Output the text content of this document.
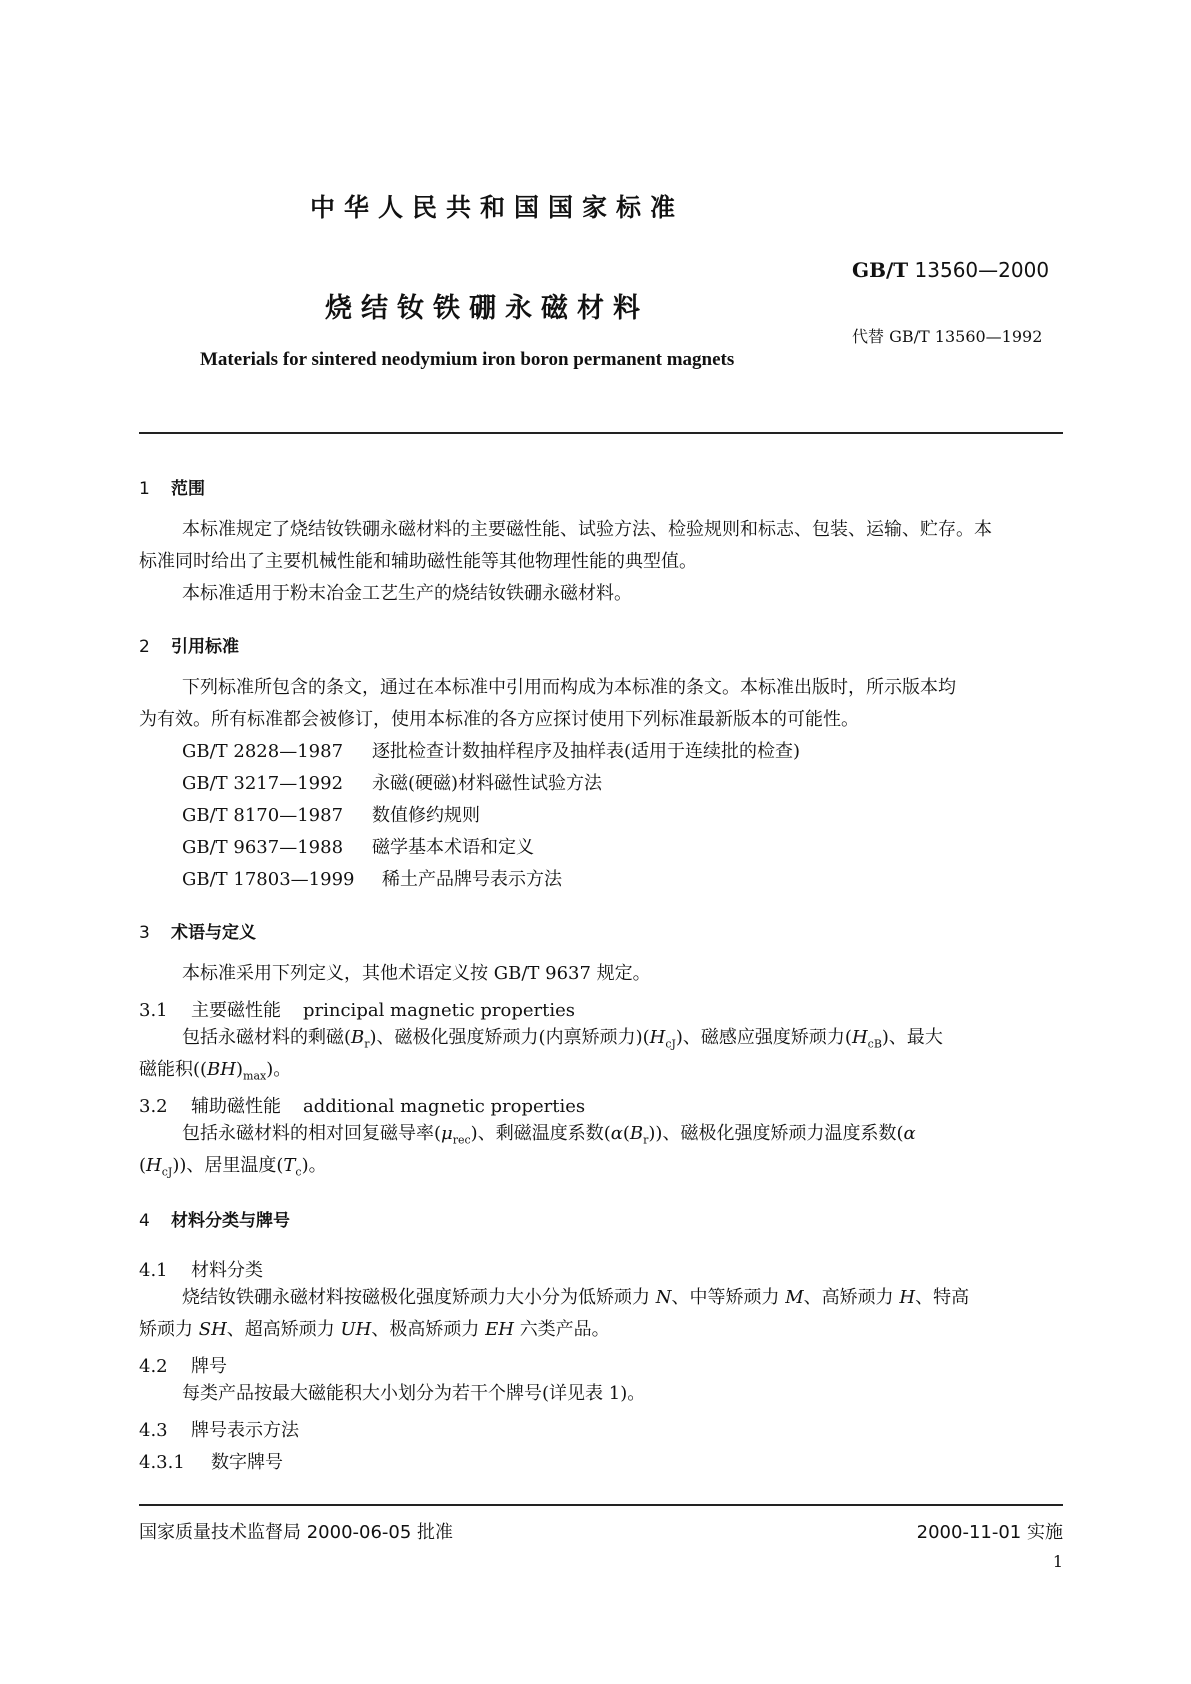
中华人民共和国国家标准
GB/T 13560—2000
烧结钕铁硼永磁材料
代替 GB/T 13560—1992
Materials for sintered neodymium iron boron permanent magnets
1 范围
本标准规定了烧结钕铁硼永磁材料的主要磁性能、试验方法、检验规则和标志、包装、运输、贮存。本
标准同时给出了主要机械性能和辅助磁性能等其他物理性能的典型值。
本标准适用于粉末冶金工艺生产的烧结钕铁硼永磁材料。
2 引用标准
下列标准所包含的条文，通过在本标准中引用而构成为本标准的条文。本标准出版时，所示版本均
为有效。所有标准都会被修订，使用本标准的各方应探讨使用下列标准最新版本的可能性。
GB/T 2828—1987 逐批检查计数抽样程序及抽样表(适用于连续批的检查)
GB/T 3217—1992 永磁(硬磁)材料磁性试验方法
GB/T 8170—1987 数值修约规则
GB/T 9637—1988 磁学基本术语和定义
GB/T 17803—1999 稀土产品牌号表示方法
3 术语与定义
本标准采用下列定义，其他术语定义按 GB/T 9637 规定。
3.1 主要磁性能 principal magnetic properties
包括永磁材料的剩磁$(B_r)$、磁极化强度矫顽力(内禀矫顽力)$(H_{cJ})$、磁感应强度矫顽力$(H_{cB})$、最大
磁能积$((BH)_{max})$。
3.2 辅助磁性能 additional magnetic properties
包括永磁材料的相对回复磁导率$(\mu_{rec})$、剩磁温度系数$(\alpha(B_r))$、磁极化强度矫顽力温度系数(α
$(H_{cJ})$)、居里温度$(T_c)$。
4 材料分类与牌号
4.1 材料分类
烧结钕铁硼永磁材料按磁极化强度矫顽力大小分为低矫顽力 N、中等矫顽力 M、高矫顽力 H、特高
矫顽力 SH、超高矫顽力 UH、极高矫顽力 EH 六类产品。
4.2 牌号
每类产品按最大磁能积大小划分为若干个牌号(详见表 1)。
4.3 牌号表示方法
4.3.1 数字牌号
国家质量技术监督局 2000-06-05 批准	2000-11-01 实施
1
